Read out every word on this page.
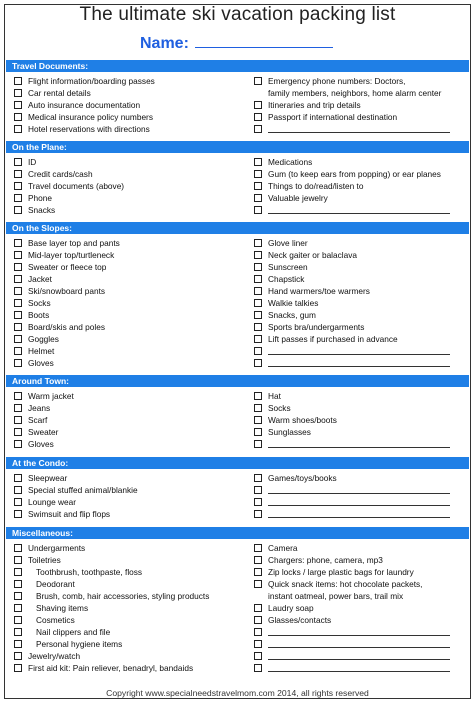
The ultimate ski vacation packing list
Name:
Travel Documents:
Flight information/boarding passes
Car rental details
Auto insurance documentation
Medical insurance policy numbers
Hotel reservations with directions
Emergency phone numbers: Doctors,
family members, neighbors, home alarm center
Itineraries and trip details
Passport if international destination
On the Plane:
ID
Credit cards/cash
Travel documents (above)
Phone
Snacks
Medications
Gum (to keep ears from popping) or ear planes
Things to do/read/listen to
Valuable jewelry
On the Slopes:
Base layer top and pants
Mid-layer top/turtleneck
Sweater or fleece top
Jacket
Ski/snowboard pants
Socks
Boots
Board/skis and poles
Goggles
Helmet
Gloves
Glove liner
Neck gaiter or balaclava
Sunscreen
Chapstick
Hand warmers/toe warmers
Walkie talkies
Snacks, gum
Sports bra/undergarments
Lift passes if purchased in advance
Around Town:
Warm jacket
Jeans
Scarf
Sweater
Gloves
Hat
Socks
Warm shoes/boots
Sunglasses
At the Condo:
Sleepwear
Special stuffed animal/blankie
Lounge wear
Swimsuit and flip flops
Games/toys/books
Miscellaneous:
Undergarments
Toiletries
Toothbrush, toothpaste, floss
Deodorant
Brush, comb, hair accessories, styling products
Shaving items
Cosmetics
Nail clippers and file
Personal hygiene items
Jewelry/watch
First aid kit: Pain reliever, benadryl, bandaids
Camera
Chargers: phone, camera, mp3
Zip locks / large plastic bags for laundry
Quick snack items: hot chocolate packets,
instant oatmeal, power bars, trail mix
Laudry soap
Glasses/contacts
Copyright www.specialneedstravelmom.com 2014, all rights reserved
